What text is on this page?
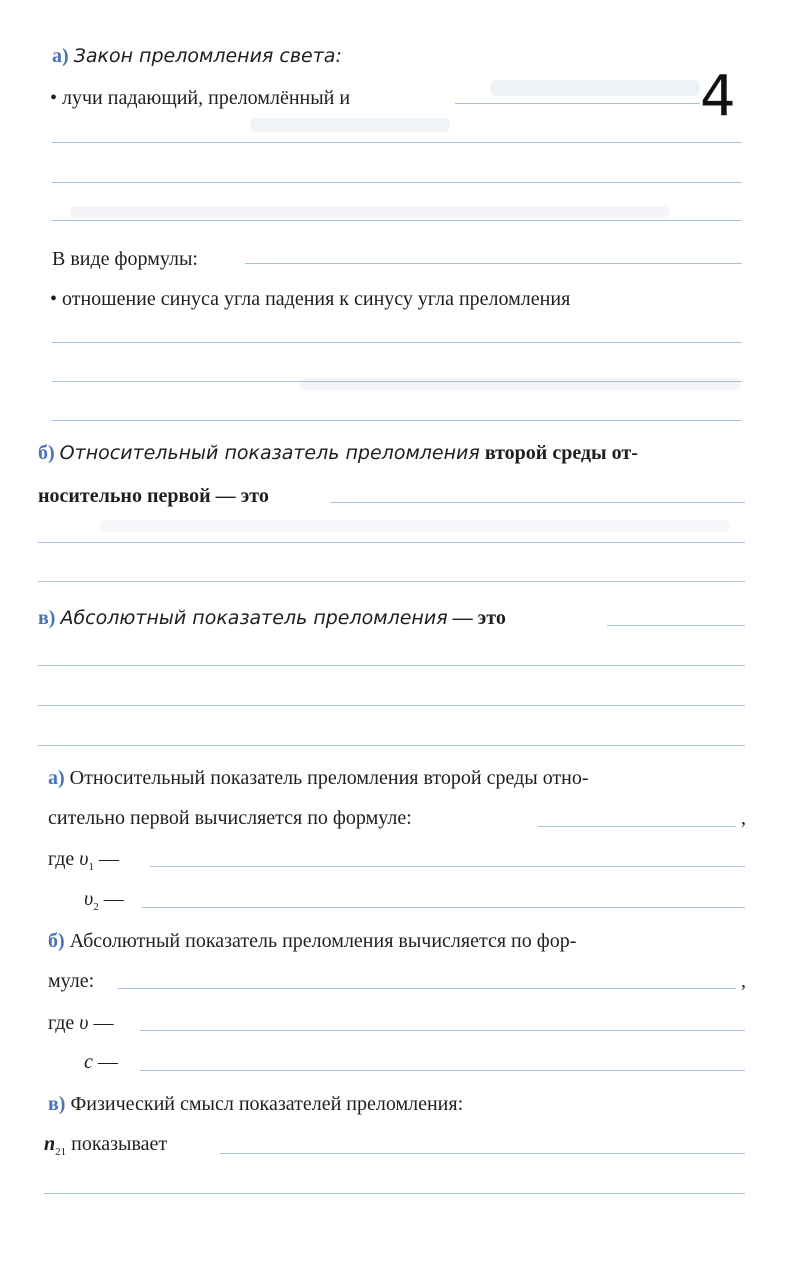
а) Закон преломления света:
4
• лучи падающий, преломлённый и
В виде формулы:
• отношение синуса угла падения к синусу угла преломления
б) Относительный показатель преломления второй среды от-
носительно первой — это
в) Абсолютный показатель преломления — это
а) Относительный показатель преломления второй среды отно-
сительно первой вычисляется по формуле:	,
где $\upsilon_1$ —
$\upsilon_2$ —
б) Абсолютный показатель преломления вычисляется по фор-
муле:	,
где υ —
c —
в) Физический смысл показателей преломления:
$n_{21}$ показывает
